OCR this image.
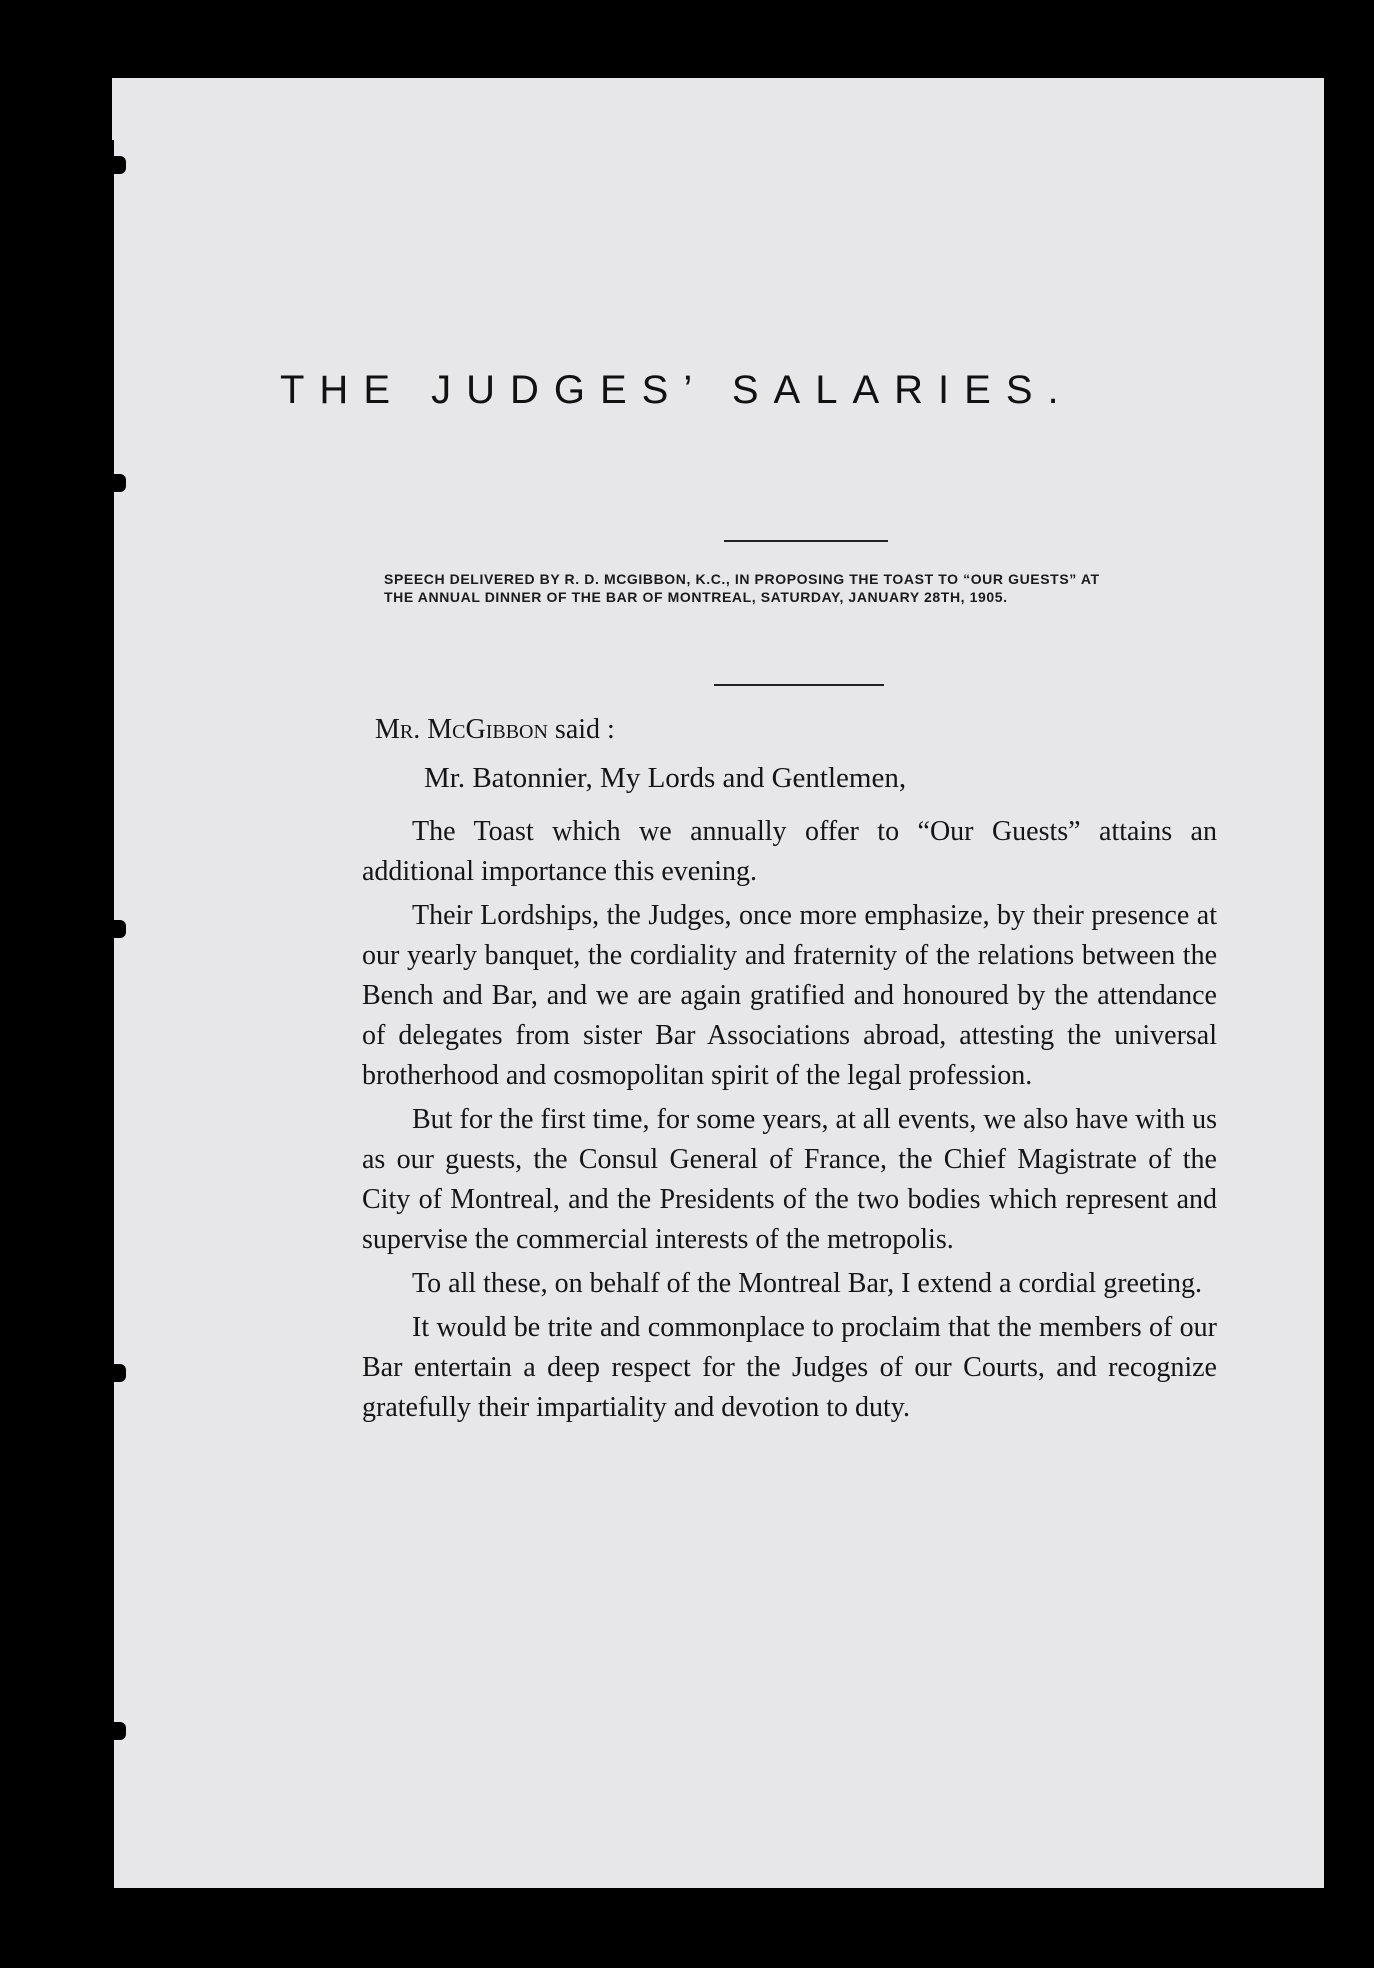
THE JUDGES’ SALARIES.
SPEECH DELIVERED BY R. D. MCGIBBON, K.C., IN PROPOSING THE TOAST TO “OUR GUESTS” AT THE ANNUAL DINNER OF THE BAR OF MONTREAL, SATURDAY, JANUARY 28TH, 1905.
Mr. McGibbon said :
Mr. Batonnier, My Lords and Gentlemen,

The Toast which we annually offer to “Our Guests” attains an additional importance this evening.

Their Lordships, the Judges, once more emphasize, by their presence at our yearly banquet, the cordiality and fraternity of the relations between the Bench and Bar, and we are again gratified and honoured by the attendance of delegates from sister Bar Associations abroad, attesting the universal brotherhood and cosmopolitan spirit of the legal profession.

But for the first time, for some years, at all events, we also have with us as our guests, the Consul General of France, the Chief Magistrate of the City of Montreal, and the Presidents of the two bodies which represent and supervise the commercial interests of the metropolis.

To all these, on behalf of the Montreal Bar, I extend a cordial greeting.

It would be trite and commonplace to proclaim that the members of our Bar entertain a deep respect for the Judges of our Courts, and recognize gratefully their impartiality and devotion to duty.
